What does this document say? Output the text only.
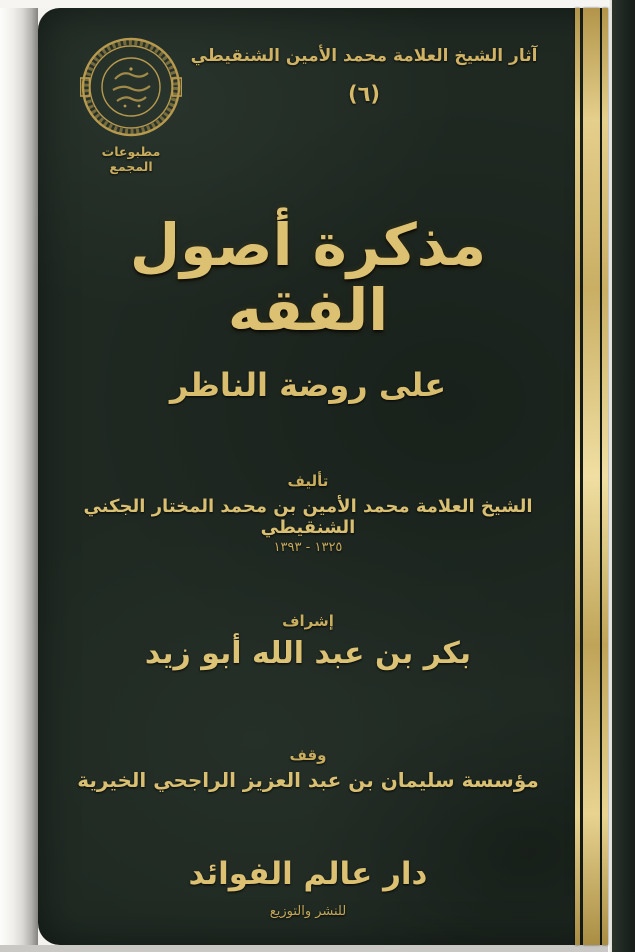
مطبوعات المجمع
آثار الشيخ العلامة محمد الأمين الشنقيطي
(٦)
مذكرة أصول الفقه
على روضة الناظر
تأليف
الشيخ العلامة محمد الأمين بن محمد المختار الجكني الشنقيطي
١٣٢٥ - ١٣٩٣
إشراف
بكر بن عبد الله أبو زيد
وقف
مؤسسة سليمان بن عبد العزيز الراجحي الخيرية
دار عالم الفوائد
للنشر والتوزيع
